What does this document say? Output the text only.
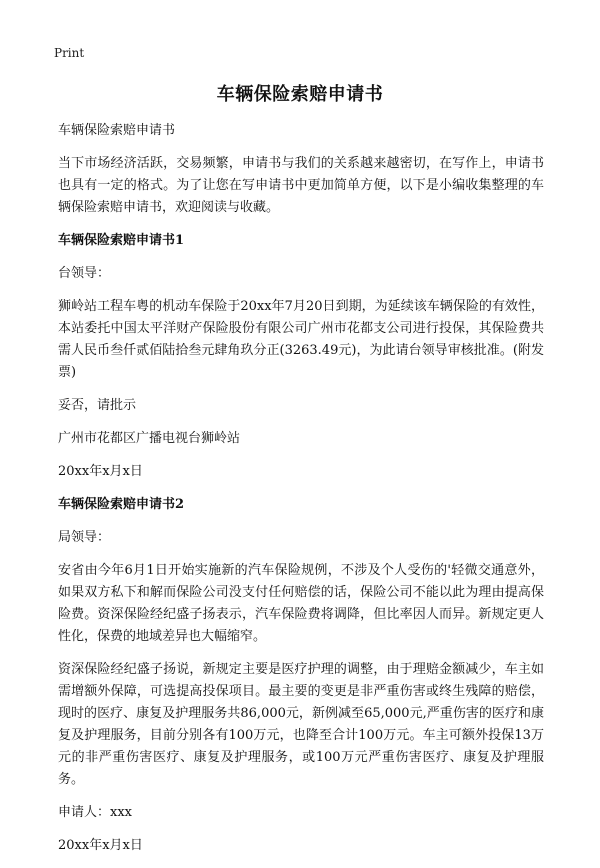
Print
车辆保险索赔申请书

车辆保险索赔申请书

当下市场经济活跃，交易频繁，申请书与我们的关系越来越密切，在写作上，申请书也具有一定的格式。为了让您在写申请书中更加简单方便，以下是小编收集整理的车辆保险索赔申请书，欢迎阅读与收藏。

车辆保险索赔申请书1

台领导：

狮岭站工程车粤的机动车保险于20xx年7月20日到期，为延续该车辆保险的有效性，本站委托中国太平洋财产保险股份有限公司广州市花都支公司进行投保，其保险费共需人民币叁仟贰佰陆拾叁元肆角玖分正(3263.49元)，为此请台领导审核批准。(附发票)

妥否，请批示

广州市花都区广播电视台狮岭站

20xx年x月x日

车辆保险索赔申请书2

局领导：

安省由今年6月1日开始实施新的汽车保险规例，不涉及个人受伤的'轻微交通意外，如果双方私下和解而保险公司没支付任何赔偿的话，保险公司不能以此为理由提高保险费。资深保险经纪盛子扬表示，汽车保险费将调降，但比率因人而异。新规定更人性化，保费的地域差异也大幅缩窄。

资深保险经纪盛子扬说，新规定主要是医疗护理的调整，由于理赔金额减少，车主如需增额外保障，可选提高投保项目。最主要的变更是非严重伤害或终生残障的赔偿，现时的医疗、康复及护理服务共86,000元，新例减至65,000元,严重伤害的医疗和康复及护理服务，目前分别各有100万元，也降至合计100万元。车主可额外投保13万元的非严重伤害医疗、康复及护理服务，或100万元严重伤害医疗、康复及护理服务。

申请人：xxx

20xx年x月x日
